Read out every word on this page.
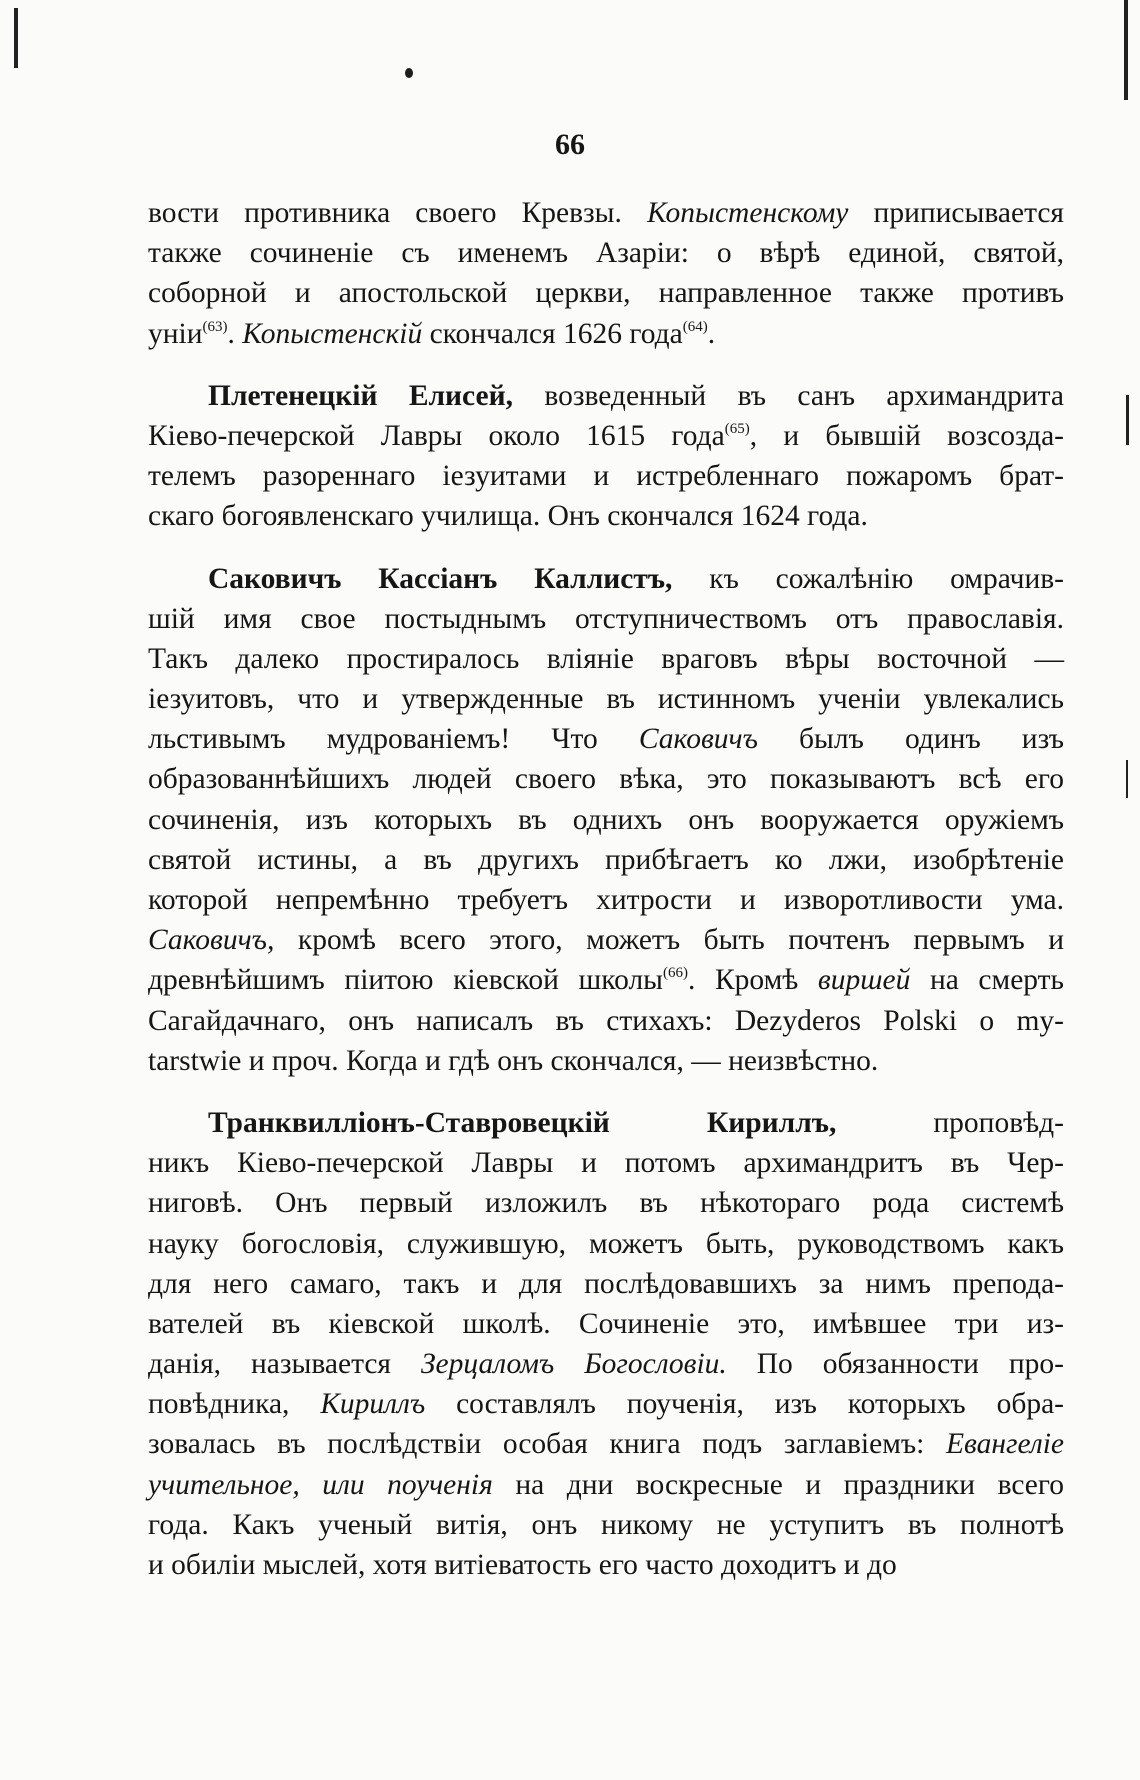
66
вости противника своего Кревзы. Копыстенскому приписывается
также сочиненіе съ именемъ Азаріи: о вѣрѣ единой, святой,
соборной и апостольской церкви, направленное также противъ
уніи$^{(63)}$. Копыстенскій скончался 1626 года$^{(64)}$.
Плетенецкій Елисей, возведенный въ санъ архимандрита
Кіево-печерской Лавры около 1615 года$^{(65)}$, и бывшій возсозда-
телемъ разореннаго іезуитами и истребленнаго пожаромъ брат-
скаго богоявленскаго училища. Онъ скончался 1624 года.
Саковичъ Кассіанъ Каллистъ, къ сожалѣнію омрачив-
шій имя свое постыднымъ отступничествомъ отъ православія.
Такъ далеко простиралось вліяніе враговъ вѣры восточной —
іезуитовъ, что и утвержденные въ истинномъ ученіи увлекались
льстивымъ мудрованіемъ! Что Саковичъ былъ одинъ изъ
образованнѣйшихъ людей своего вѣка, это показываютъ всѣ его
сочиненія, изъ которыхъ въ однихъ онъ вооружается оружіемъ
святой истины, а въ другихъ прибѣгаетъ ко лжи, изобрѣтеніе
которой непремѣнно требуетъ хитрости и изворотливости ума.
Саковичъ, кромѣ всего этого, можетъ быть почтенъ первымъ и
древнѣйшимъ піитою кіевской школы$^{(66)}$. Кромѣ виршей на смерть
Сагайдачнаго, онъ написалъ въ стихахъ: Dezyderos Polski o my-
tarstwie и проч. Когда и гдѣ онъ скончался, — неизвѣстно.
Транквилліонъ-Ставровецкій Кириллъ, проповѣд-
никъ Кіево-печерской Лавры и потомъ архимандритъ въ Чер-
ниговѣ. Онъ первый изложилъ въ нѣкотораго рода системѣ
науку богословія, служившую, можетъ быть, руководствомъ какъ
для него самаго, такъ и для послѣдовавшихъ за нимъ препода-
вателей въ кіевской школѣ. Сочиненіе это, имѣвшее три из-
данія, называется Зерцаломъ Богословіи. По обязанности про-
повѣдника, Кириллъ составлялъ поученія, изъ которыхъ обра-
зовалась въ послѣдствіи особая книга подъ заглавіемъ: Евангеліе
учительное, или поученія на дни воскресные и праздники всего
года. Какъ ученый витія, онъ никому не уступитъ въ полнотѣ
и обиліи мыслей, хотя витіеватость его часто доходитъ и до
